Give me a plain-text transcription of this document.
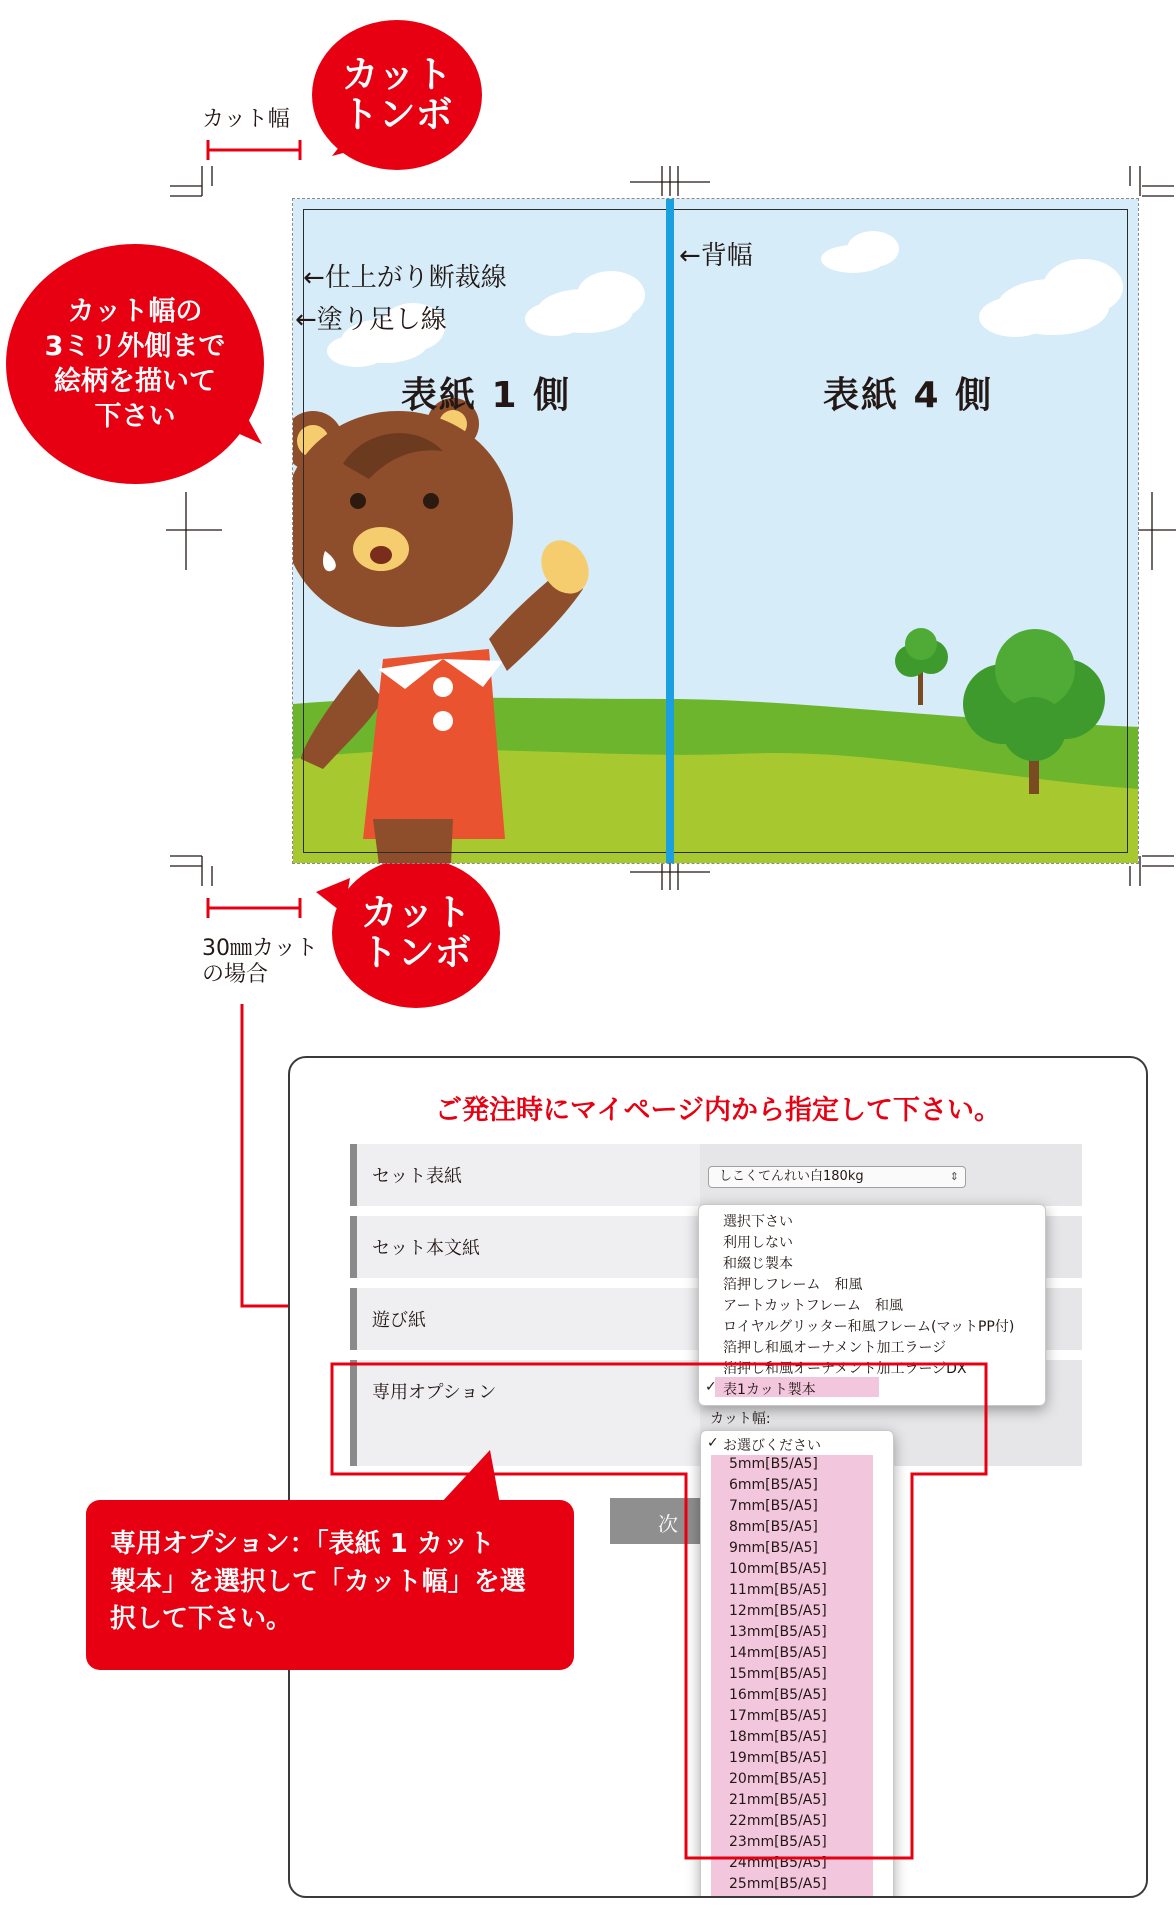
カット幅
30㎜カット
の場合
カット
トンボ
カット幅の
3ミリ外側まで
絵柄を描いて
下さい
カット
トンボ
←仕上がり断裁線
←塗り足し線
←背幅
表紙 1 側	表紙 4 側
ご発注時にマイページ内から指定して下さい。
セット表紙	しこくてんれい白180kg	⇕
セット本文紙
遊び紙
専用オプション
次
カット幅:
✓
選択下さい
利用しない
和綴じ製本
箔押しフレーム　和風
アートカットフレーム　和風
ロイヤルグリッター和風フレーム(マットPP付)
箔押し和風オーナメント加工ラージ
箔押し和風オーナメント加工ラージDX
表1カット製本
✓ お選びください
5mm[B5/A5]
6mm[B5/A5]
7mm[B5/A5]
8mm[B5/A5]
9mm[B5/A5]
10mm[B5/A5]
11mm[B5/A5]
12mm[B5/A5]
13mm[B5/A5]
14mm[B5/A5]
15mm[B5/A5]
16mm[B5/A5]
17mm[B5/A5]
18mm[B5/A5]
19mm[B5/A5]
20mm[B5/A5]
21mm[B5/A5]
22mm[B5/A5]
23mm[B5/A5]
24mm[B5/A5]
25mm[B5/A5]
専用オプション：「表紙 1 カット
製本」を選択して「カット幅」を選
択して下さい。
